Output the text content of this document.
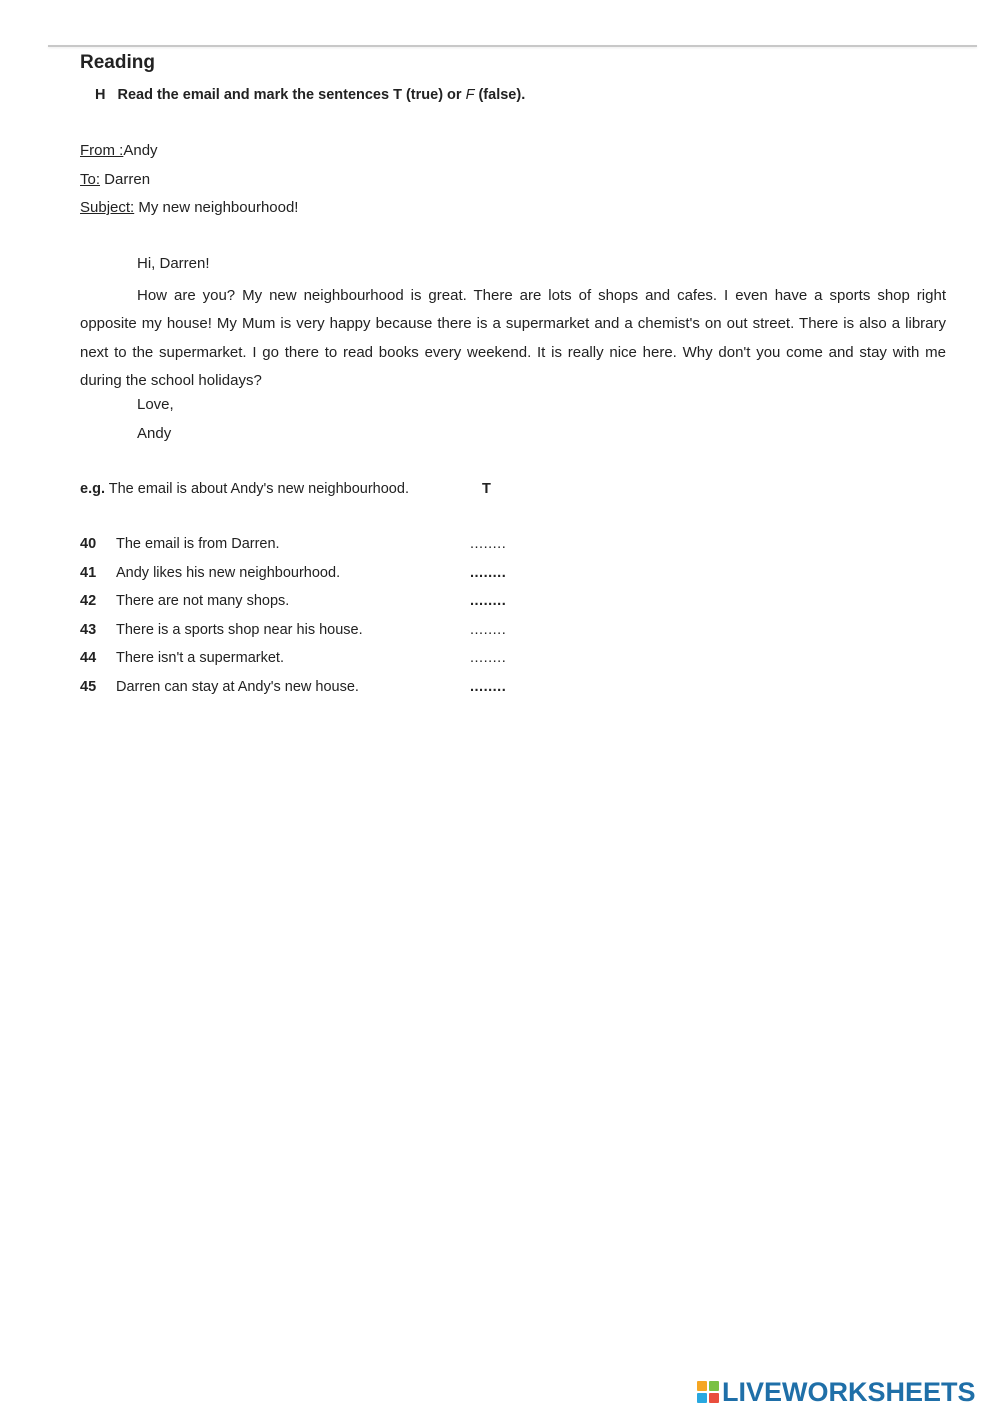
Reading
H Read the email and mark the sentences T (true) or F (false).
From :Andy
To: Darren
Subject: My new neighbourhood!
Hi, Darren!
How are you? My new neighbourhood is great. There are lots of shops and cafes. I even have a sports shop right opposite my house! My Mum is very happy because there is a supermarket and a chemist's on out street. There is also a library next to the supermarket. I go there to read books every weekend. It is really nice here. Why don't you come and stay with me during the school holidays?
Love,
Andy
e.g. The email is about Andy's new neighbourhood.	T
40 The email is from Darren.	........
41 Andy likes his new neighbourhood.	........
42 There are not many shops.	........
43 There is a sports shop near his house.	........
44 There isn't a supermarket.	........
45 Darren can stay at Andy's new house.	........
LIVEWORKSHEETS
